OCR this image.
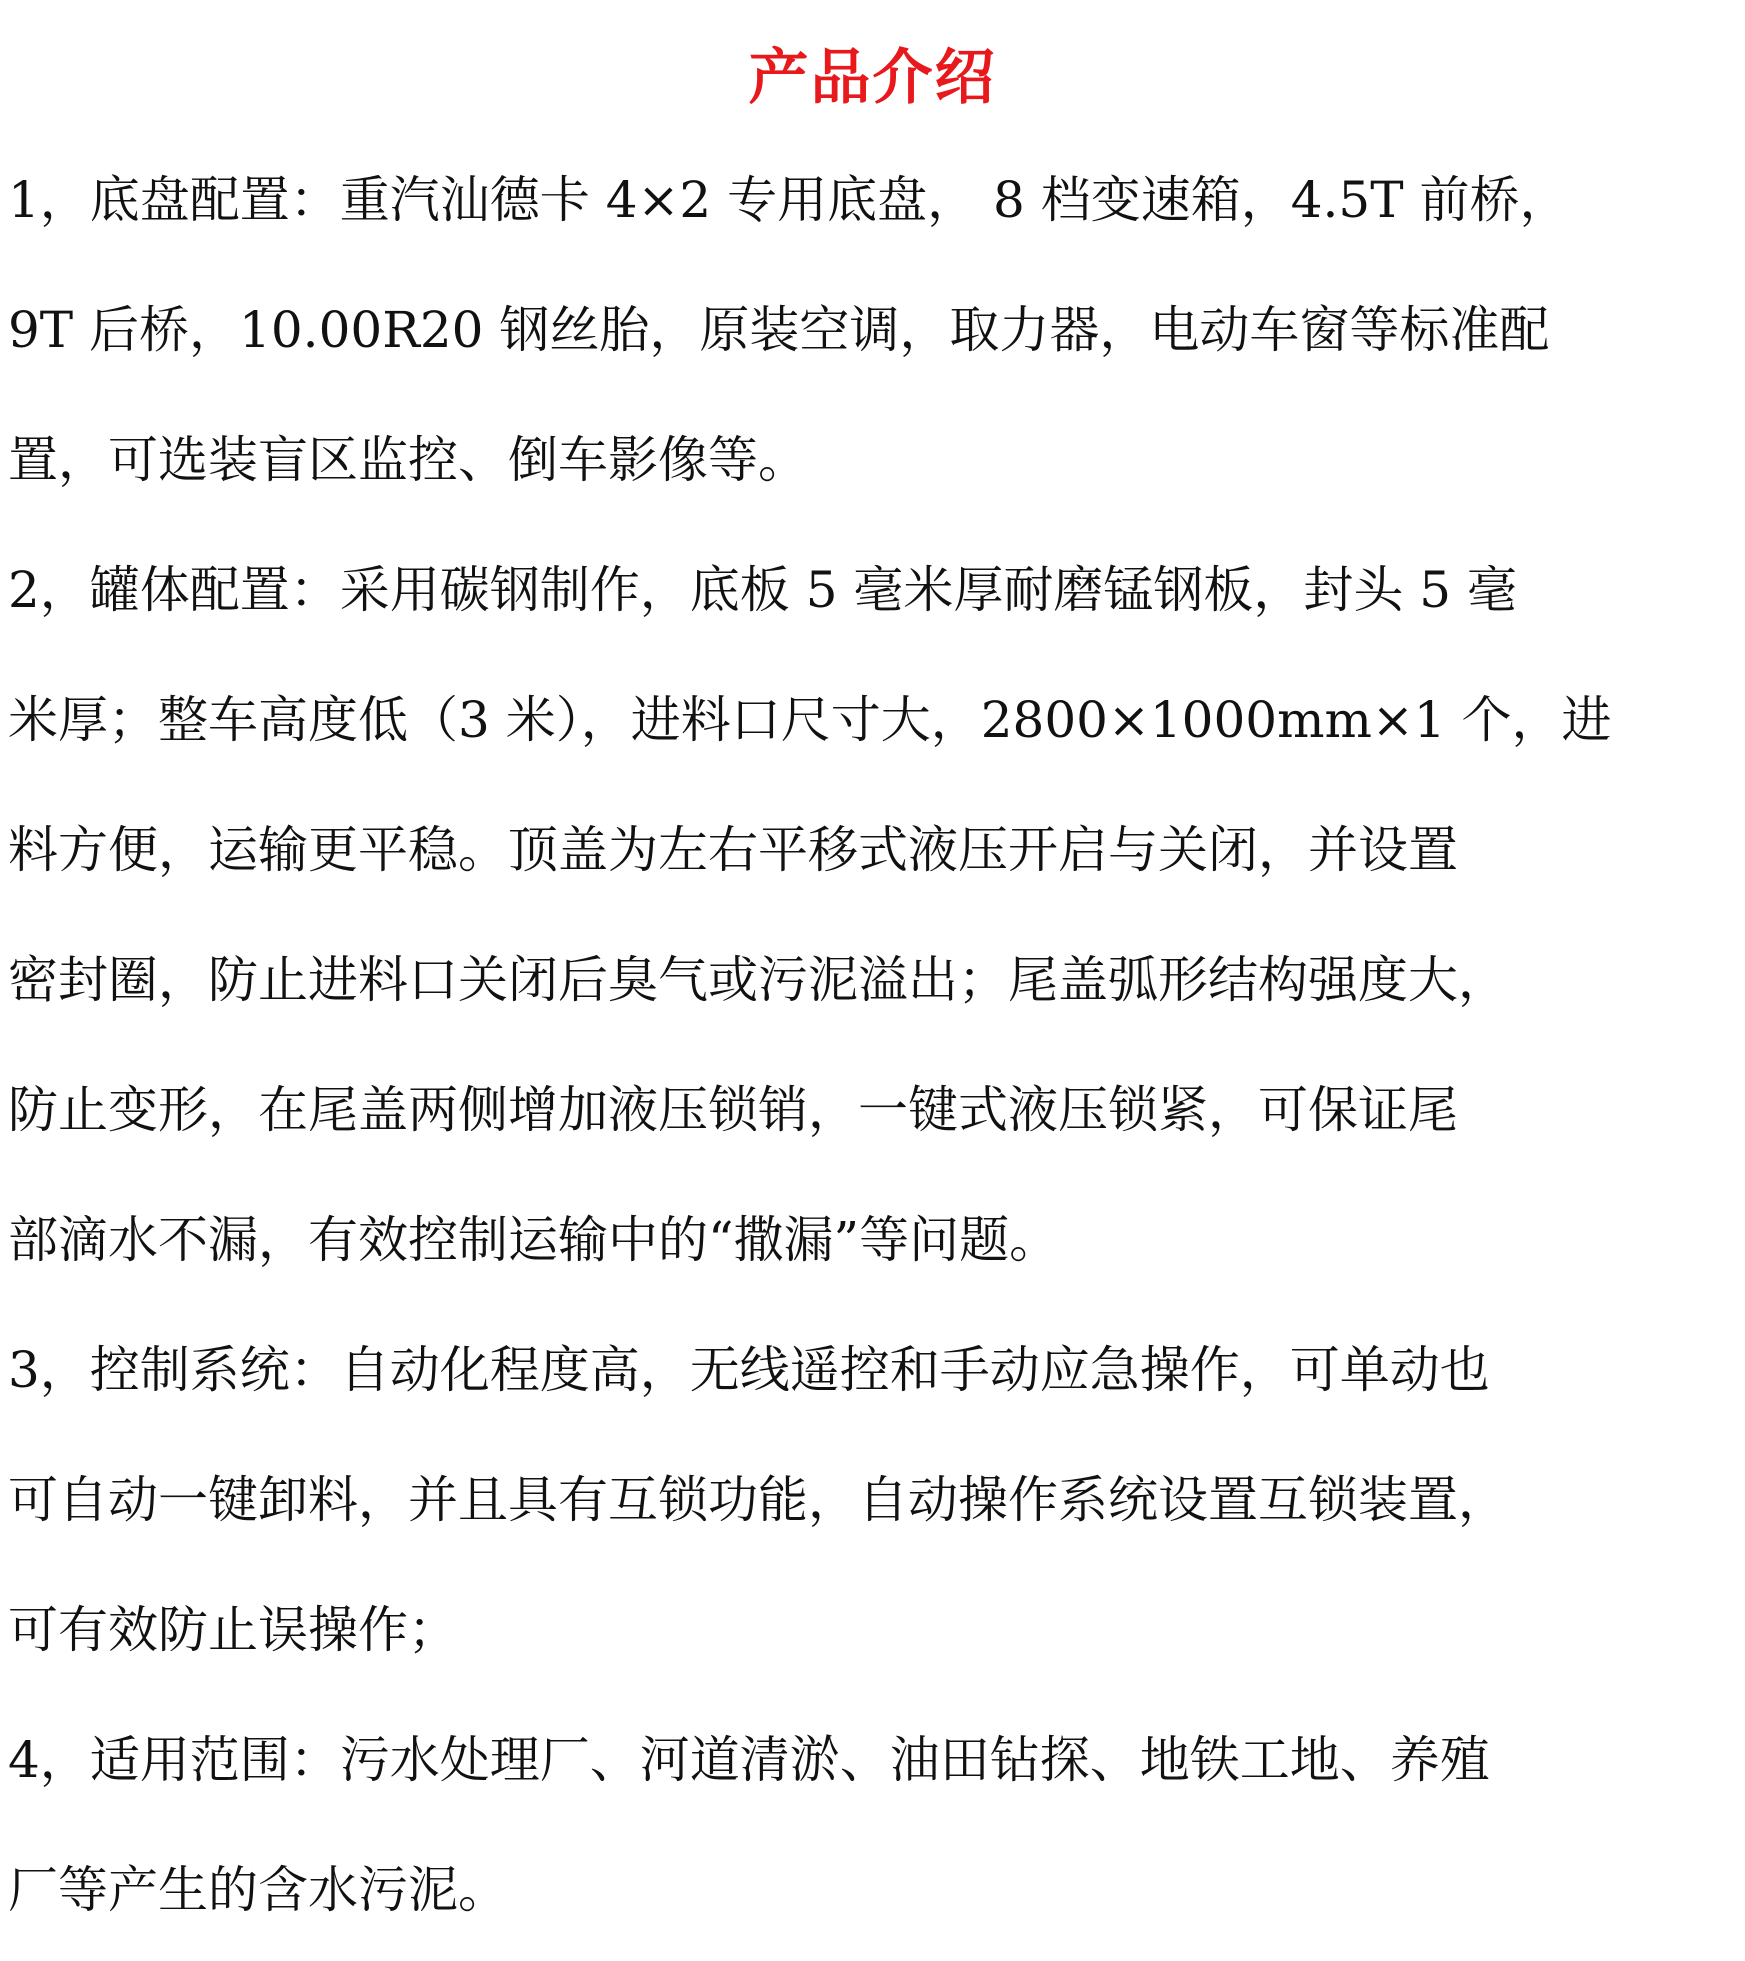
产品介绍
1，底盘配置：重汽汕德卡 4×2 专用底盘， 8 档变速箱，4.5T 前桥，
9T 后桥，10.00R20 钢丝胎，原装空调，取力器，电动车窗等标准配
置，可选装盲区监控、倒车影像等。
2，罐体配置：采用碳钢制作，底板 5 毫米厚耐磨锰钢板，封头 5 毫
米厚；整车高度低（3 米），进料口尺寸大，2800×1000mm×1 个，进
料方便，运输更平稳。顶盖为左右平移式液压开启与关闭，并设置
密封圈，防止进料口关闭后臭气或污泥溢出；尾盖弧形结构强度大，
防止变形，在尾盖两侧增加液压锁销，一键式液压锁紧，可保证尾
部滴水不漏，有效控制运输中的“撒漏”等问题。
3，控制系统：自动化程度高，无线遥控和手动应急操作，可单动也
可自动一键卸料，并且具有互锁功能，自动操作系统设置互锁装置，
可有效防止误操作；
4，适用范围：污水处理厂、河道清淤、油田钻探、地铁工地、养殖
厂等产生的含水污泥。
